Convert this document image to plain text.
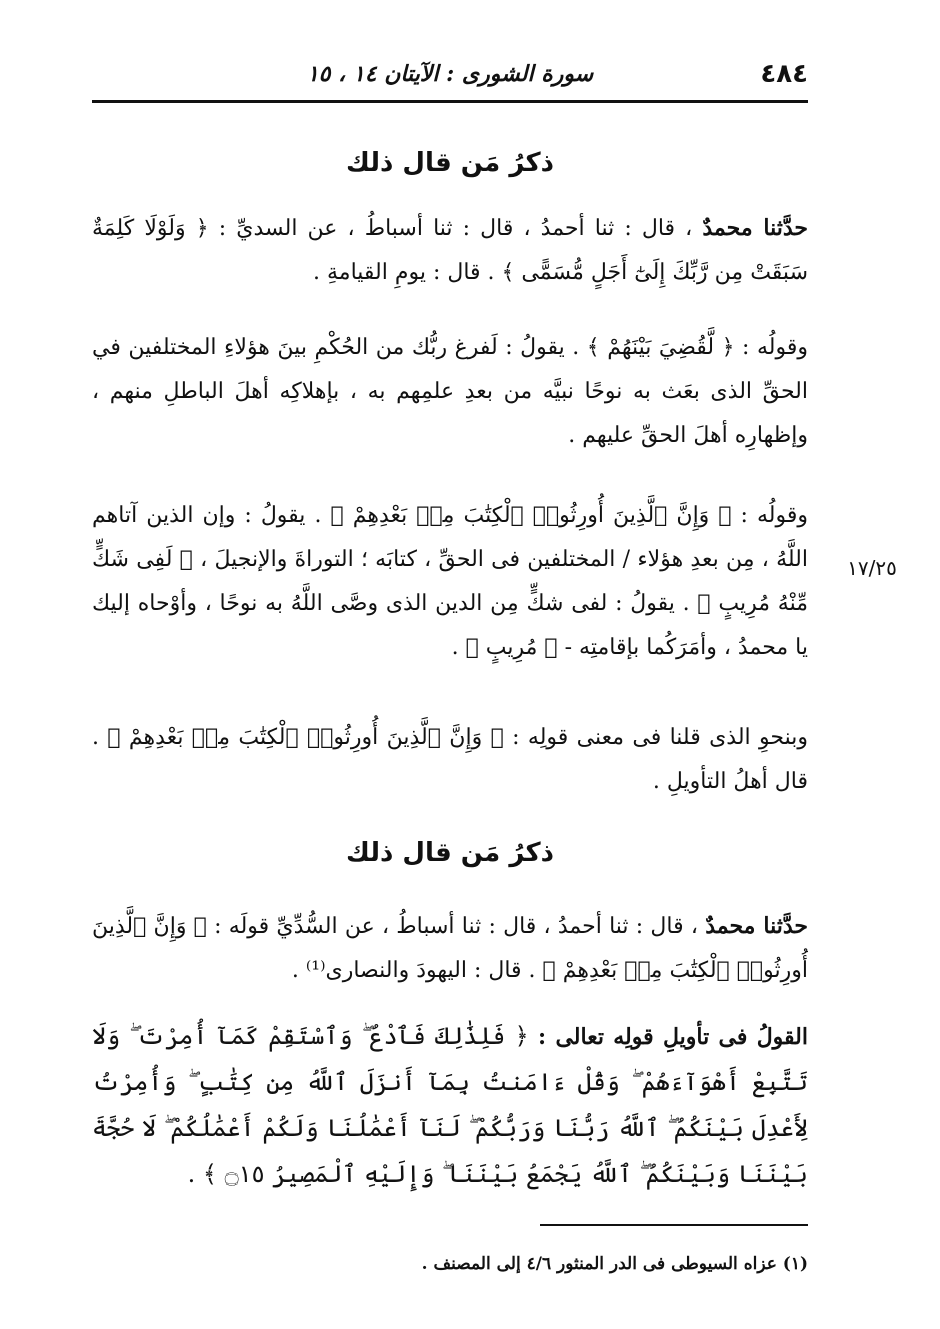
سورة الشورى : الآيتان ١٤ ، ١٥	٤٨٤
ذكرُ مَن قال ذلك

حدَّثنا محمدٌ ، قال : ثنا أحمدُ ، قال : ثنا أسباطُ ، عن السديِّ : ﴿ وَلَوْلَا كَلِمَةٌ سَبَقَتْ مِن رَّبِّكَ إِلَىٰٓ أَجَلٍ مُّسَمًّى ﴾ . قال : يومِ القيامةِ .

وقولُه : ﴿ لَّقُضِيَ بَيْنَهُمْ ﴾ . يقولُ : لَفرغ ربُّك من الحُكْمِ بينَ هؤلاءِ المختلفين في الحقِّ الذى بعَث به نوحًا نبيَّه من بعدِ علمِهم به ، بإهلاكِه أهلَ الباطلِ منهم ، وإظهارِه أهلَ الحقِّ عليهم .

وقولُه : ﴿ وَإِنَّ ٱلَّذِينَ أُورِثُوا۟ ٱلْكِتَٰبَ مِنۢ بَعْدِهِمْ ﴾ . يقولُ : وإن الذين آتاهم اللَّهُ ، مِن بعدِ هؤلاء / المختلفين فى الحقِّ ، كتابَه ؛ التوراةَ والإنجيلَ ، ﴿ لَفِى شَكٍّ مِّنْهُ مُرِيبٍ ﴾ . يقولُ : لفى شكٍّ مِن الدين الذى وصَّى اللَّهُ به نوحًا ، وأوْحاه إليك يا محمدُ ، وأمَرَكُما بإقامتِه - ﴿ مُرِيبٍ ﴾ .

١٧/٢٥

وبنحوِ الذى قلنا فى معنى قولِه : ﴿ وَإِنَّ ٱلَّذِينَ أُورِثُوا۟ ٱلْكِتَٰبَ مِنۢ بَعْدِهِمْ ﴾ . قال أهلُ التأويلِ .

ذكرُ مَن قال ذلك

حدَّثنا محمدٌ ، قال : ثنا أحمدُ ، قال : ثنا أسباطُ ، عن السُّدِّيِّ قولَه : ﴿ وَإِنَّ ٱلَّذِينَ أُورِثُوا۟ ٱلْكِتَٰبَ مِنۢ بَعْدِهِمْ ﴾ . قال : اليهودَ والنصارى⁽¹⁾ .

القولُ فى تأويلِ قولِه تعالى : ﴿ فَلِذَٰلِكَ فَٱدْعُ ۖ وَٱسْتَقِمْ كَمَآ أُمِرْتَ ۖ وَلَا تَتَّبِعْ أَهْوَآءَهُمْ ۖ وَقُلْ ءَامَنتُ بِمَآ أَنزَلَ ٱللَّهُ مِن كِتَٰبٍ ۖ وَأُمِرْتُ لِأَعْدِلَ بَيْنَكُمُ ۖ ٱللَّهُ رَبُّنَا وَرَبُّكُمْ ۖ لَنَآ أَعْمَٰلُنَا وَلَكُمْ أَعْمَٰلُكُمْ ۖ لَا حُجَّةَ بَيْنَنَا وَبَيْنَكُمُ ۖ ٱللَّهُ يَجْمَعُ بَيْنَنَا ۖ وَإِلَيْهِ ٱلْمَصِيرُ ۝١٥ ﴾ .

(١) عزاه السيوطى فى الدر المنثور ٤/٦ إلى المصنف .
